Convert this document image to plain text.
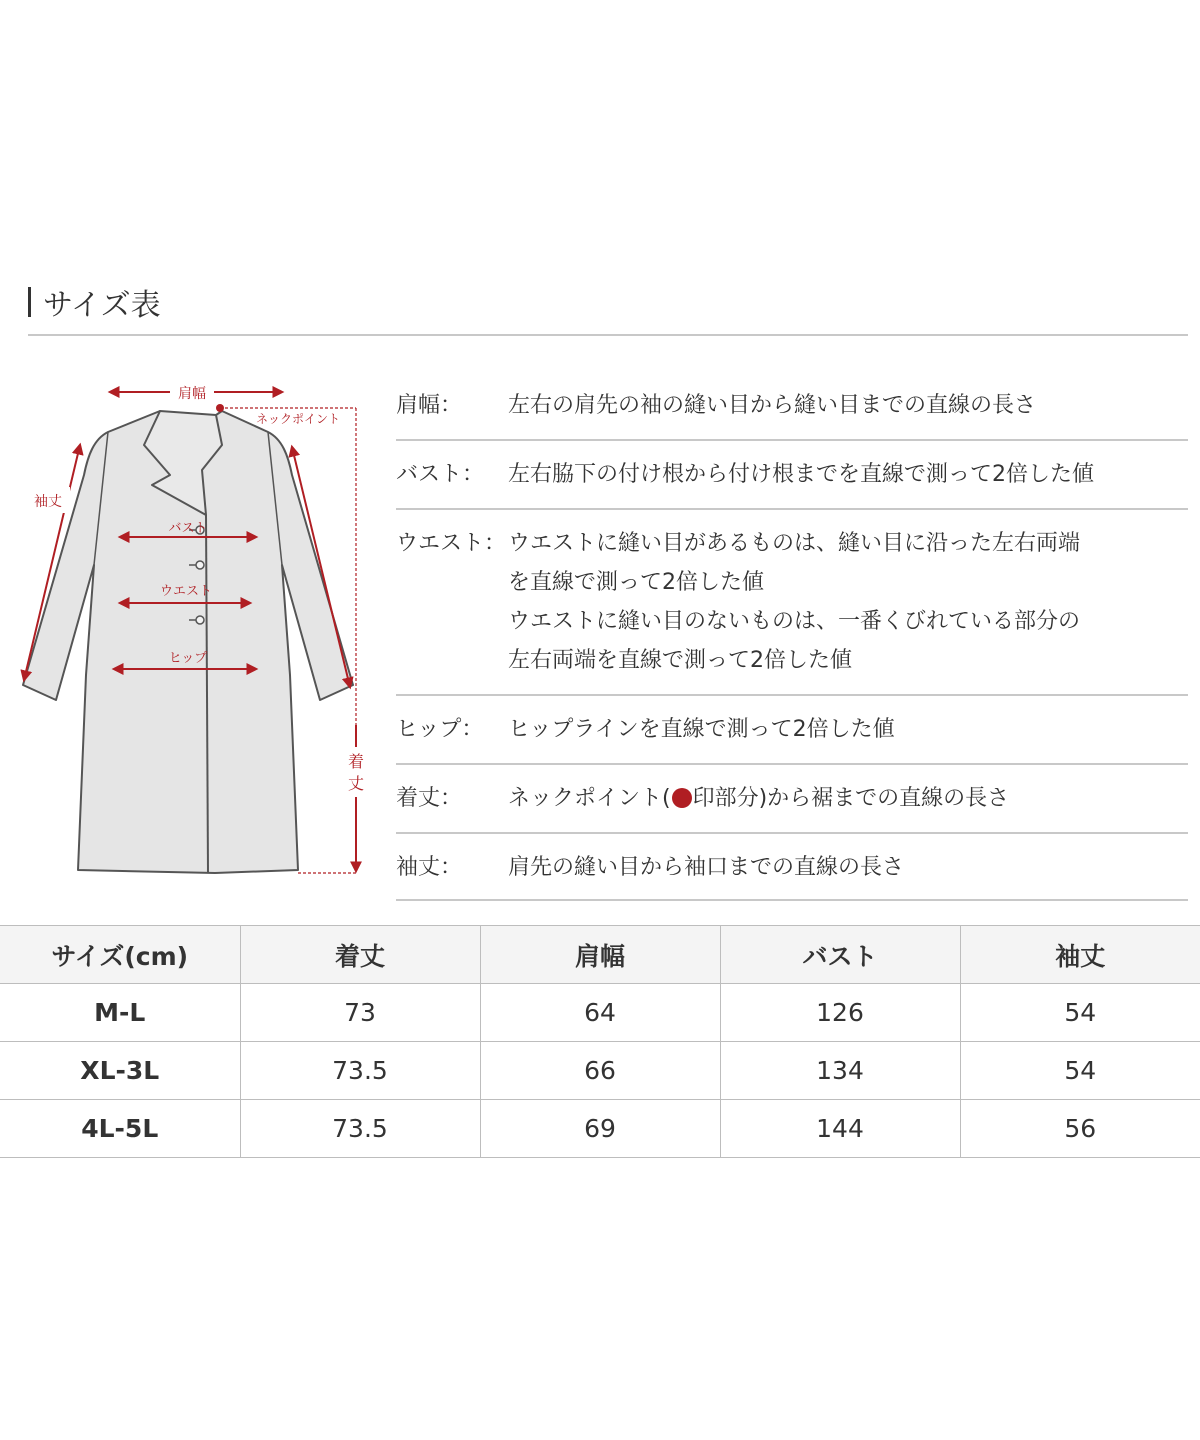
サイズ表
ネックポイント
肩幅
袖丈
バスト
ウエスト
ヒップ
着
丈
肩幅：	左右の肩先の袖の縫い目から縫い目までの直線の長さ

バスト：	左右脇下の付け根から付け根までを直線で測って2倍した値

ウエスト： ウエストに縫い目があるものは、縫い目に沿った左右両端

を直線で測って2倍した値

ウエストに縫い目のないものは、一番くびれている部分の

左右両端を直線で測って2倍した値

ヒップ：	ヒップラインを直線で測って2倍した値

着丈：	ネックポイント( 印部分)から裾までの直線の長さ

袖丈：	肩先の縫い目から袖口までの直線の長さ

サイズ(cm)	着丈	肩幅	バスト	袖丈
M-L	73	64	126	54
XL-3L	73.5	66	134	54
4L-5L	73.5	69	144	56
